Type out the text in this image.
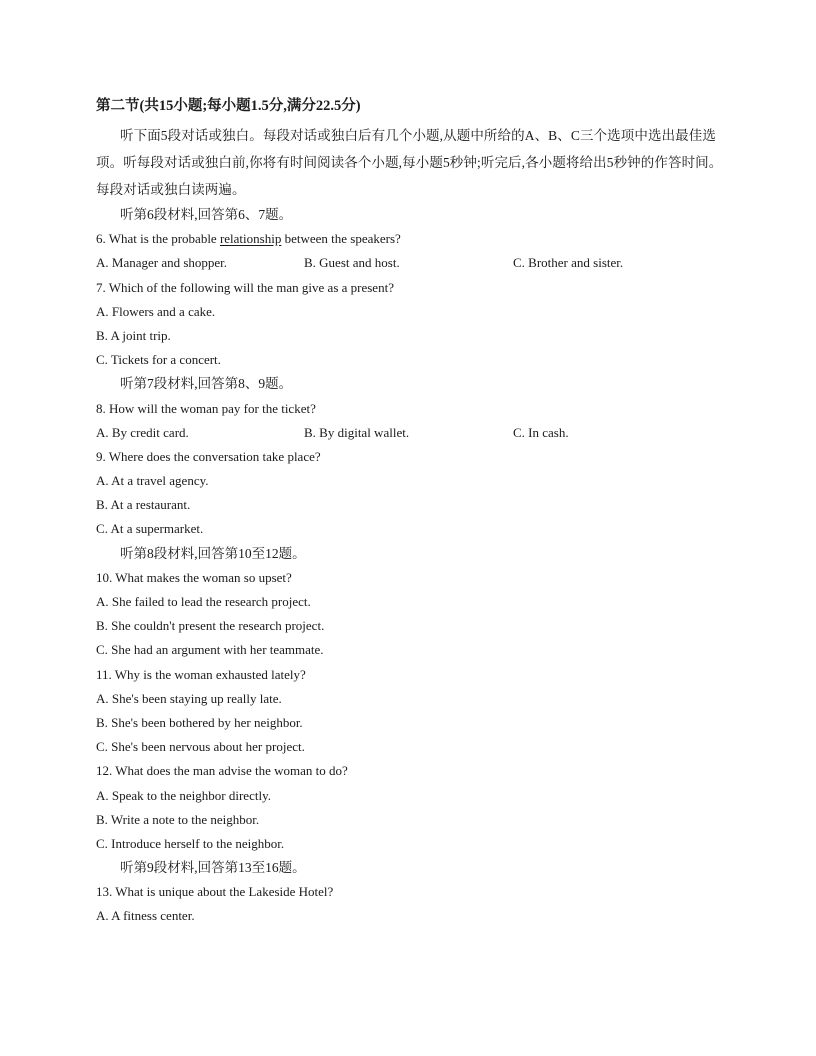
第二节(共15小题;每小题1.5分,满分22.5分)

听下面5段对话或独白。每段对话或独白后有几个小题,从题中所给的A、B、C三个选项中选出最佳选项。听每段对话或独白前,你将有时间阅读各个小题,每小题5秒钟;听完后,各小题将给出5秒钟的作答时间。每段对话或独白读两遍。

听第6段材料,回答第6、7题。
6. What is the probable relationship between the speakers?
A. Manager and shopper.	B. Guest and host.	C. Brother and sister.
7. Which of the following will the man give as a present?
A. Flowers and a cake.
B. A joint trip.
C. Tickets for a concert.
听第7段材料,回答第8、9题。
8. How will the woman pay for the ticket?
A. By credit card.	B. By digital wallet.	C. In cash.
9. Where does the conversation take place?
A. At a travel agency.
B. At a restaurant.
C. At a supermarket.
听第8段材料,回答第10至12题。
10. What makes the woman so upset?
A. She failed to lead the research project.
B. She couldn't present the research project.
C. She had an argument with her teammate.
11. Why is the woman exhausted lately?
A. She's been staying up really late.
B. She's been bothered by her neighbor.
C. She's been nervous about her project.
12. What does the man advise the woman to do?
A. Speak to the neighbor directly.
B. Write a note to the neighbor.
C. Introduce herself to the neighbor.
听第9段材料,回答第13至16题。
13. What is unique about the Lakeside Hotel?
A. A fitness center.
